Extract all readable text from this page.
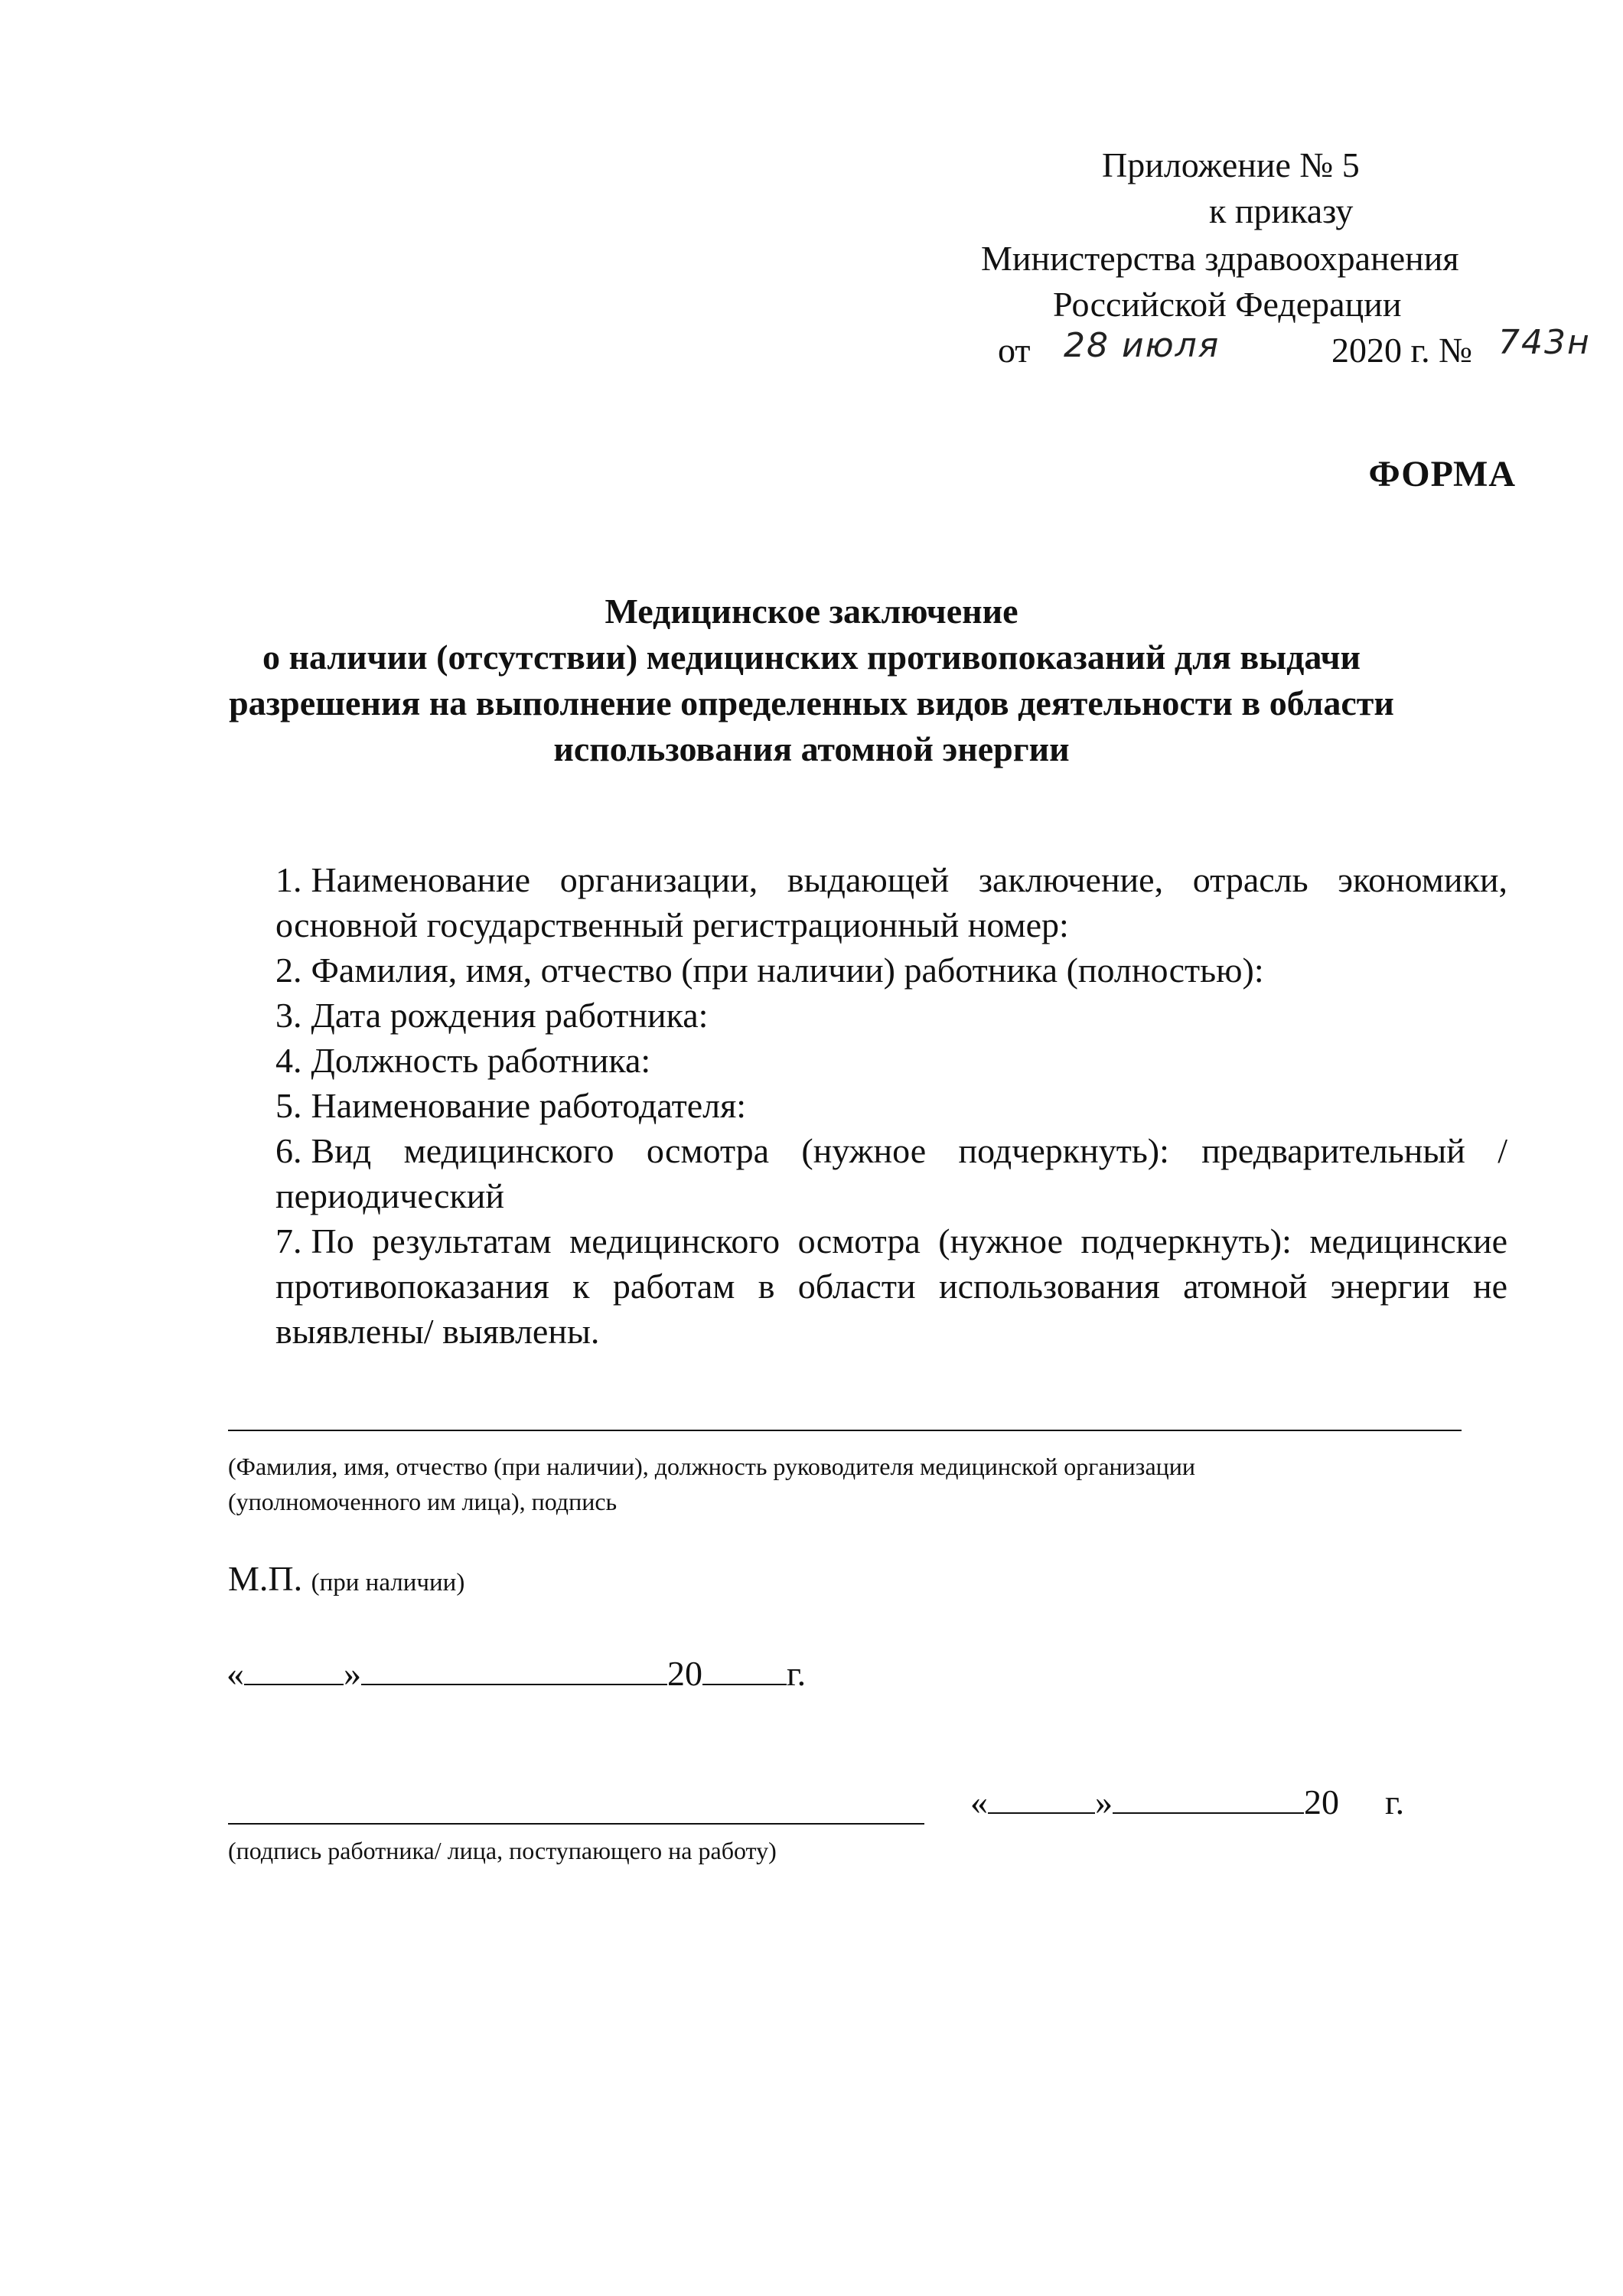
Приложение № 5
к приказу
Министерства здравоохранения
Российской Федерации
от 28 июля	2020 г. № 743н
ФОРМА
Медицинское заключение
о наличии (отсутствии) медицинских противопоказаний для выдачи
разрешения на выполнение определенных видов деятельности в области
использования атомной энергии

1. Наименование организации, выдающей заключение, отрасль экономики, основной государственный регистрационный номер:

2. Фамилия, имя, отчество (при наличии) работника (полностью):

3. Дата рождения работника:

4. Должность работника:

5. Наименование работодателя:

6. Вид медицинского осмотра (нужное подчеркнуть): предварительный / периодический

7. По результатам медицинского осмотра (нужное подчеркнуть): медицинские противопоказания к работам в области использования атомной энергии не выявлены/ выявлены.

(Фамилия, имя, отчество (при наличии), должность руководителя медицинской организации
(уполномоченного им лица), подпись
М.П. (при наличии)
«	»	20 г.
(подпись работника/ лица, поступающего на работу)
«	»	20 г.
